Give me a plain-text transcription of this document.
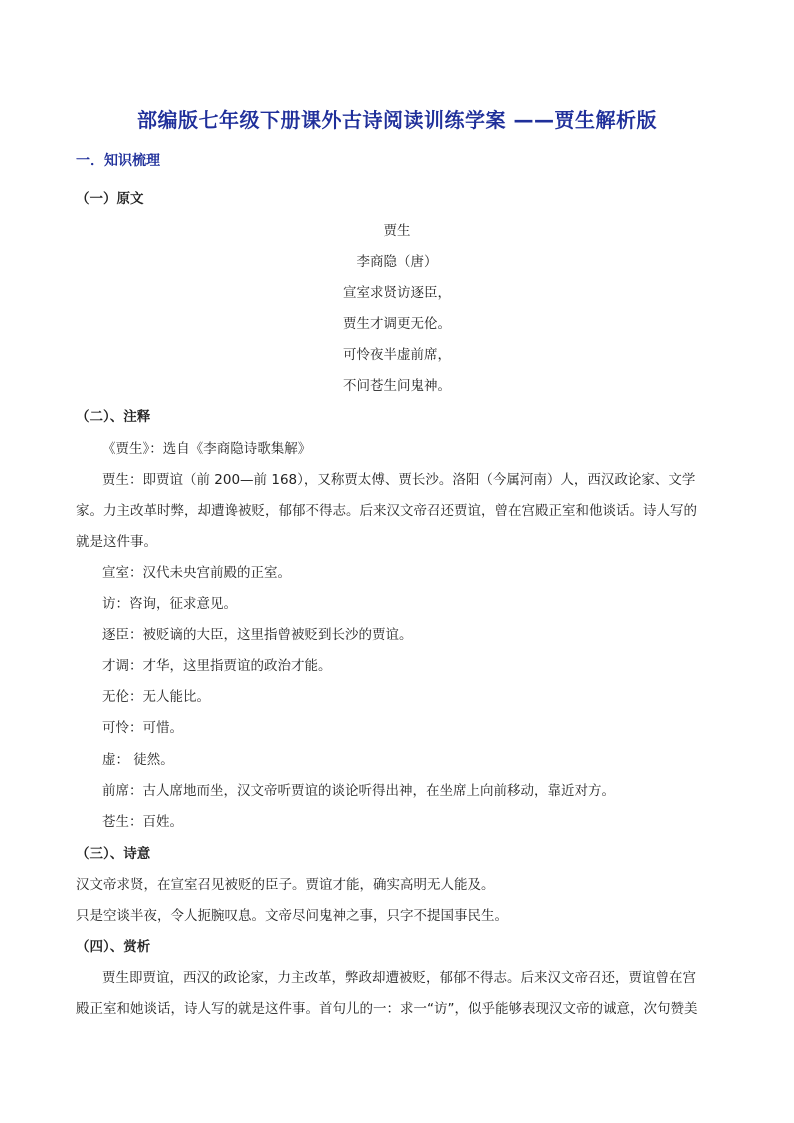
部编版七年级下册课外古诗阅读训练学案 ——贾生解析版
一．知识梳理
（一）原文
贾生
李商隐（唐）
宣室求贤访逐臣，
贾生才调更无伦。
可怜夜半虚前席，
不问苍生问鬼神。
（二）、注释
《贾生》：选自《李商隐诗歌集解》
贾生：即贾谊（前 200—前 168），又称贾太傅、贾长沙。洛阳（今属河南）人，西汉政论家、文学
家。力主改革时弊，却遭谗被贬，郁郁不得志。后来汉文帝召还贾谊，曾在宫殿正室和他谈话。诗人写的
就是这件事。
宣室：汉代未央宫前殿的正室。
访：咨询，征求意见。
逐臣：被贬谪的大臣，这里指曾被贬到长沙的贾谊。
才调：才华，这里指贾谊的政治才能。
无伦：无人能比。
可怜：可惜。
虚： 徒然。
前席：古人席地而坐，汉文帝听贾谊的谈论听得出神，在坐席上向前移动，靠近对方。
苍生：百姓。
（三）、诗意
汉文帝求贤，在宣室召见被贬的臣子。贾谊才能，确实高明无人能及。
只是空谈半夜，令人扼腕叹息。文帝尽问鬼神之事，只字不提国事民生。
（四）、赏析
贾生即贾谊，西汉的政论家，力主改革，弊政却遭被贬，郁郁不得志。后来汉文帝召还，贾谊曾在宫
殿正室和她谈话，诗人写的就是这件事。首句儿的一：求一“访”，似乎能够表现汉文帝的诚意，次句赞美
